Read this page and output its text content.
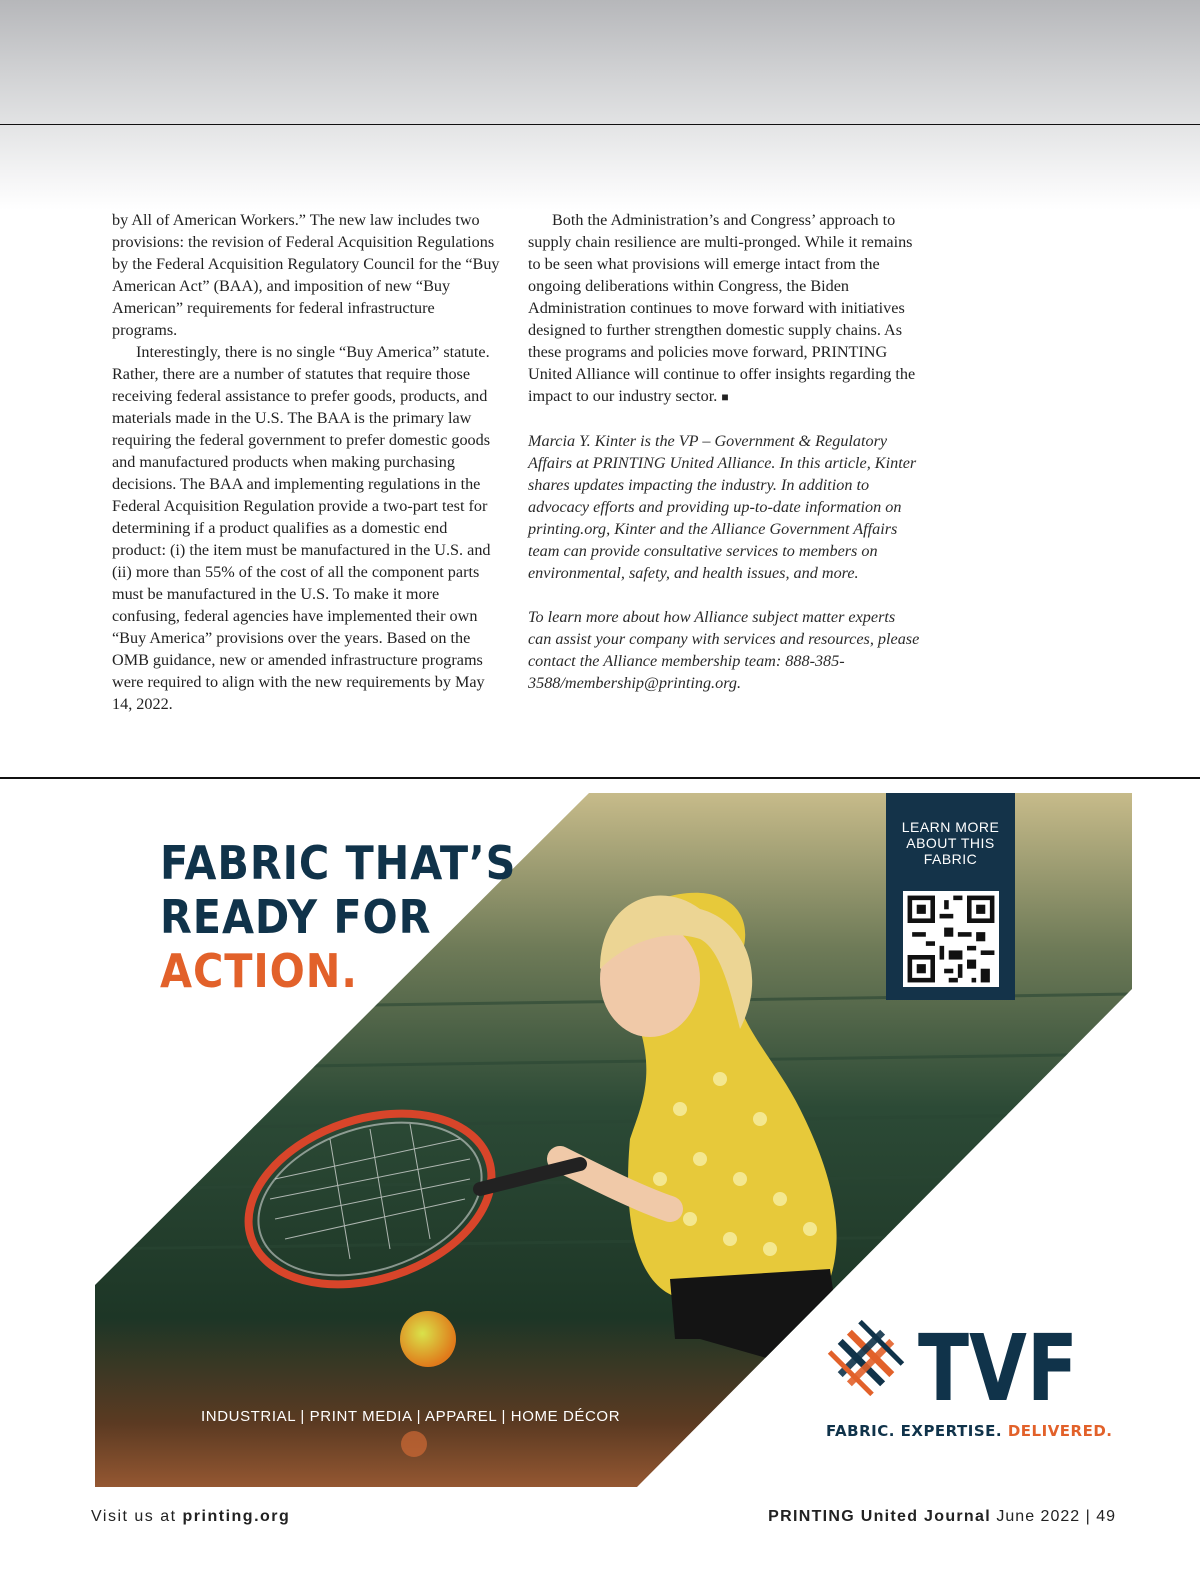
by All of American Workers.” The new law includes two provisions: the revision of Federal Acquisition Regulations by the Federal Acquisition Regulatory Council for the “Buy American Act” (BAA), and imposition of new “Buy American” requirements for federal infrastructure programs.

Interestingly, there is no single “Buy America” statute. Rather, there are a number of statutes that require those receiving federal assistance to prefer goods, products, and materials made in the U.S. The BAA is the primary law requiring the federal government to prefer domestic goods and manufactured products when making purchasing decisions. The BAA and implementing regulations in the Federal Acquisition Regulation provide a two-part test for determining if a product qualifies as a domestic end product: (i) the item must be manufactured in the U.S. and (ii) more than 55% of the cost of all the component parts must be manufactured in the U.S. To make it more confusing, federal agencies have implemented their own “Buy America” provisions over the years. Based on the OMB guidance, new or amended infrastructure programs were required to align with the new requirements by May 14, 2022.

Both the Administration’s and Congress’ approach to supply chain resilience are multi-pronged. While it remains to be seen what provisions will emerge intact from the ongoing deliberations within Congress, the Biden Administration continues to move forward with initiatives designed to further strengthen domestic supply chains. As these programs and policies move forward, PRINTING United Alliance will continue to offer insights regarding the impact to our industry sector. ■

Marcia Y. Kinter is the VP – Government & Regulatory Affairs at PRINTING United Alliance. In this article, Kinter shares updates impacting the industry. In addition to advocacy efforts and providing up-to-date information on printing.org, Kinter and the Alliance Government Affairs team can provide consultative services to members on environmental, safety, and health issues, and more.

To learn more about how Alliance subject matter experts can assist your company with services and resources, please contact the Alliance membership team: 888-385-3588/membership@printing.org.

LEARN MORE ABOUT THIS FABRIC
FABRIC THAT’S
READY FOR
ACTION.
INDUSTRIAL | PRINT MEDIA | APPAREL | HOME DÉCOR	TVF
FABRIC. EXPERTISE. DELIVERED.
Visit us at printing.org	PRINTING United Journal June 2022 | 49
